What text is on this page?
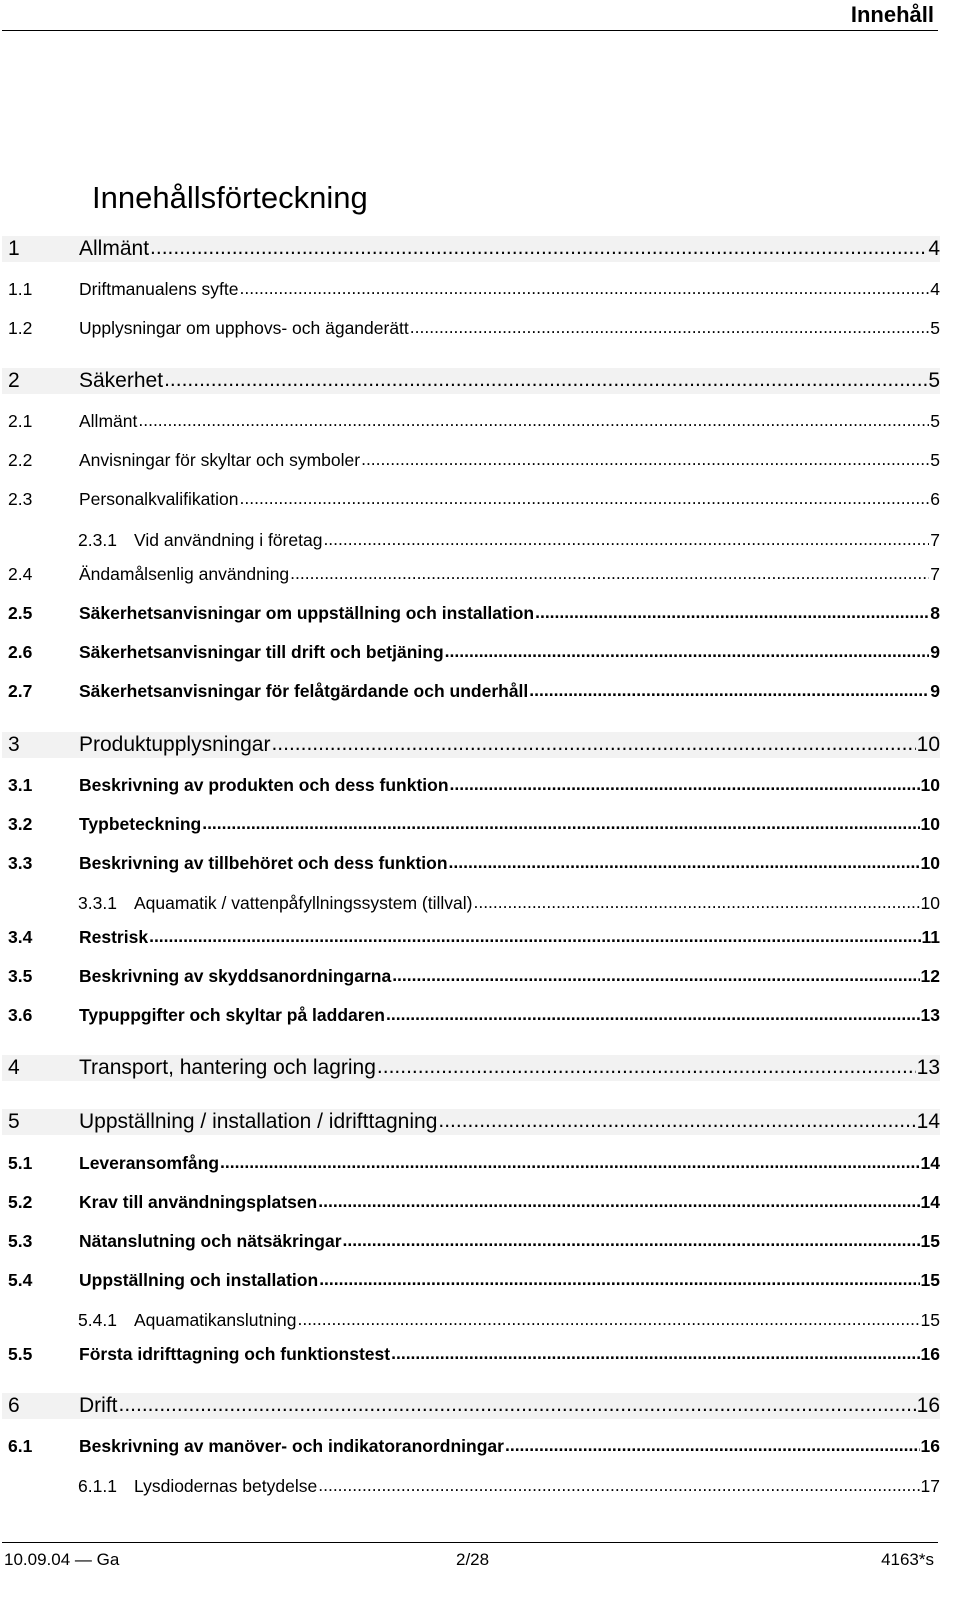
Innehåll
Innehållsförteckning
1	Allmänt .....	4
1.1	Driftmanualens syfte .....	4
1.2	Upplysningar om upphovs- och äganderätt .....	5
2	Säkerhet .....	5
2.1	Allmänt .....	5
2.2	Anvisningar för skyltar och symboler .....	5
2.3	Personalkvalifikation .....	6
2.3.1 Vid användning i företag .....	7
2.4	Ändamålsenlig användning .....	7
2.5	Säkerhetsanvisningar om uppställning och installation .....	8
2.6	Säkerhetsanvisningar till drift och betjäning .....	9
2.7	Säkerhetsanvisningar för felåtgärdande och underhåll .....	9
3	Produktupplysningar .....	10
3.1	Beskrivning av produkten och dess funktion .....	10
3.2	Typbeteckning .....	10
3.3	Beskrivning av tillbehöret och dess funktion .....	10
3.3.1 Aquamatik / vattenpåfyllningssystem (tillval) .....	10
3.4	Restrisk .....	11
3.5	Beskrivning av skyddsanordningarna .....	12
3.6	Typuppgifter och skyltar på laddaren .....	13
4	Transport, hantering och lagring .....	13
5	Uppställning / installation / idrifttagning .....	14
5.1	Leveransomfång .....	14
5.2	Krav till användningsplatsen .....	14
5.3	Nätanslutning och nätsäkringar .....	15
5.4	Uppställning och installation .....	15
5.4.1 Aquamatikanslutning .....	15
5.5	Första idrifttagning och funktionstest .....	16
6	Drift .....	16
6.1	Beskrivning av manöver- och indikatoranordningar .....	16
6.1.1 Lysdiodernas betydelse .....	17
10.09.04 — Ga	2/28	4163*s
